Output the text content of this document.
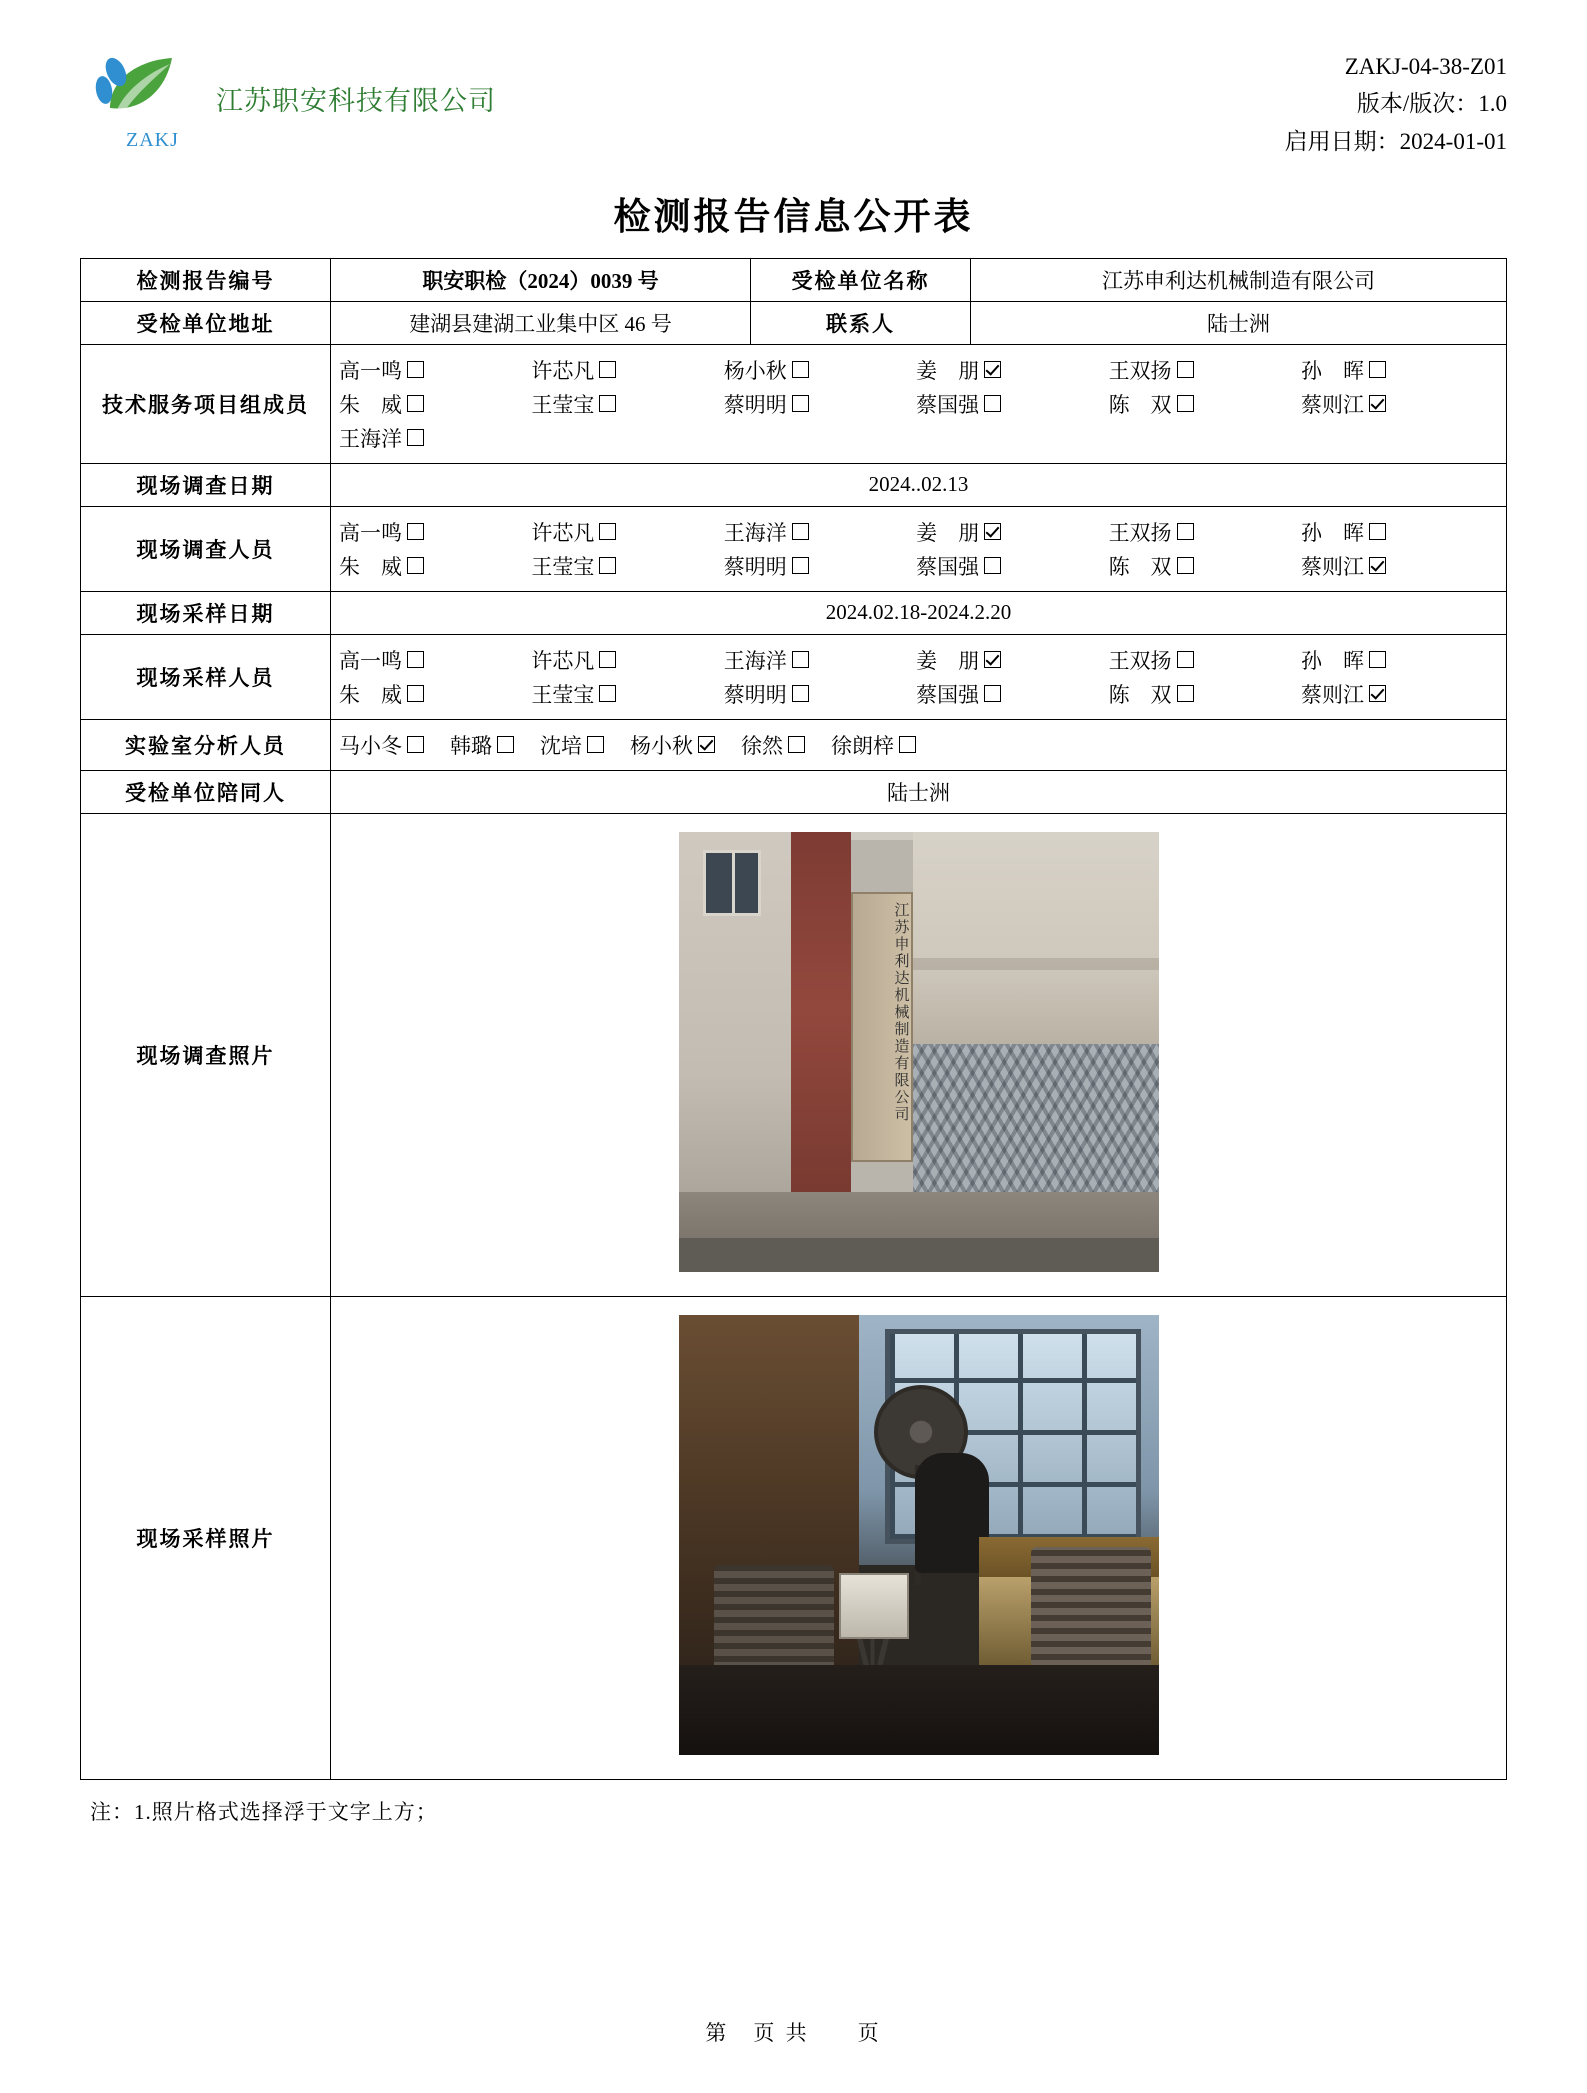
ZAKJ
江苏职安科技有限公司
ZAKJ-04-38-Z01
版本/版次：1.0
启用日期：2024-01-01
检测报告信息公开表
检测报告编号	职安职检（2024）0039 号	受检单位名称	江苏申利达机械制造有限公司
受检单位地址	建湖县建湖工业集中区 46 号	联系人	陆士洲
技术服务项目组成员	
高一鸣	许芯凡	杨小秋	姜　朋	王双扬	孙　晖
朱　威	王莹宝	蔡明明	蔡国强	陈　双	蔡则江
王海洋

现场调查日期	2024..02.13		
现场调查人员	
高一鸣	许芯凡	王海洋	姜　朋	王双扬	孙　晖
朱　威	王莹宝	蔡明明	蔡国强	陈　双	蔡则江

现场采样日期	2024.02.18-2024.2.20		
现场采样人员	
高一鸣	许芯凡	王海洋	姜　朋	王双扬	孙　晖
朱　威	王莹宝	蔡明明	蔡国强	陈　双	蔡则江

实验室分析人员	马小冬 韩璐 沈培 杨小秋 徐然 徐朗梓

受检单位陪同人	陆士洲		
现场调查照片	江苏申利达机械制造有限公司		

现场采样照片			
注：1.照片格式选择浮于文字上方；
第　页 共　　页
